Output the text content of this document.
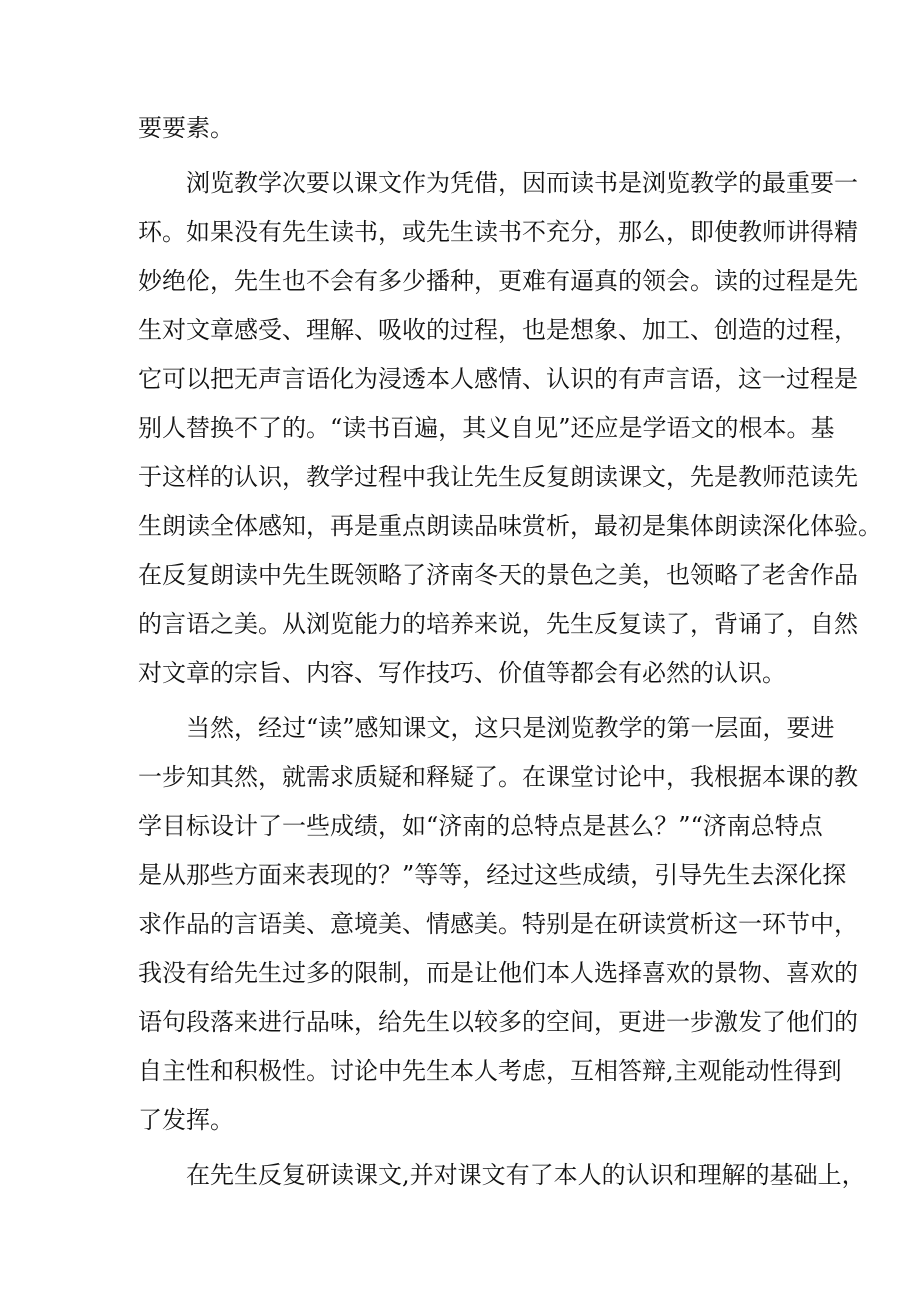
要要素。
浏览教学次要以课文作为凭借，因而读书是浏览教学的最重要一
环。如果没有先生读书，或先生读书不充分，那么，即使教师讲得精
妙绝伦，先生也不会有多少播种，更难有逼真的领会。读的过程是先
生对文章感受、理解、吸收的过程，也是想象、加工、创造的过程，
它可以把无声言语化为浸透本人感情、认识的有声言语，这一过程是
别人替换不了的。“读书百遍，其义自见”还应是学语文的根本。基
于这样的认识，教学过程中我让先生反复朗读课文，先是教师范读先
生朗读全体感知，再是重点朗读品味赏析，最初是集体朗读深化体验。
在反复朗读中先生既领略了济南冬天的景色之美，也领略了老舍作品
的言语之美。从浏览能力的培养来说，先生反复读了，背诵了，自然
对文章的宗旨、内容、写作技巧、价值等都会有必然的认识。
当然，经过“读”感知课文，这只是浏览教学的第一层面，要进
一步知其然，就需求质疑和释疑了。在课堂讨论中，我根据本课的教
学目标设计了一些成绩，如“济南的总特点是甚么？”“济南总特点
是从那些方面来表现的？”等等，经过这些成绩，引导先生去深化探
求作品的言语美、意境美、情感美。特别是在研读赏析这一环节中，
我没有给先生过多的限制，而是让他们本人选择喜欢的景物、喜欢的
语句段落来进行品味，给先生以较多的空间，更进一步激发了他们的
自主性和积极性。讨论中先生本人考虑，互相答辩,主观能动性得到
了发挥。
在先生反复研读课文,并对课文有了本人的认识和理解的基础上，
